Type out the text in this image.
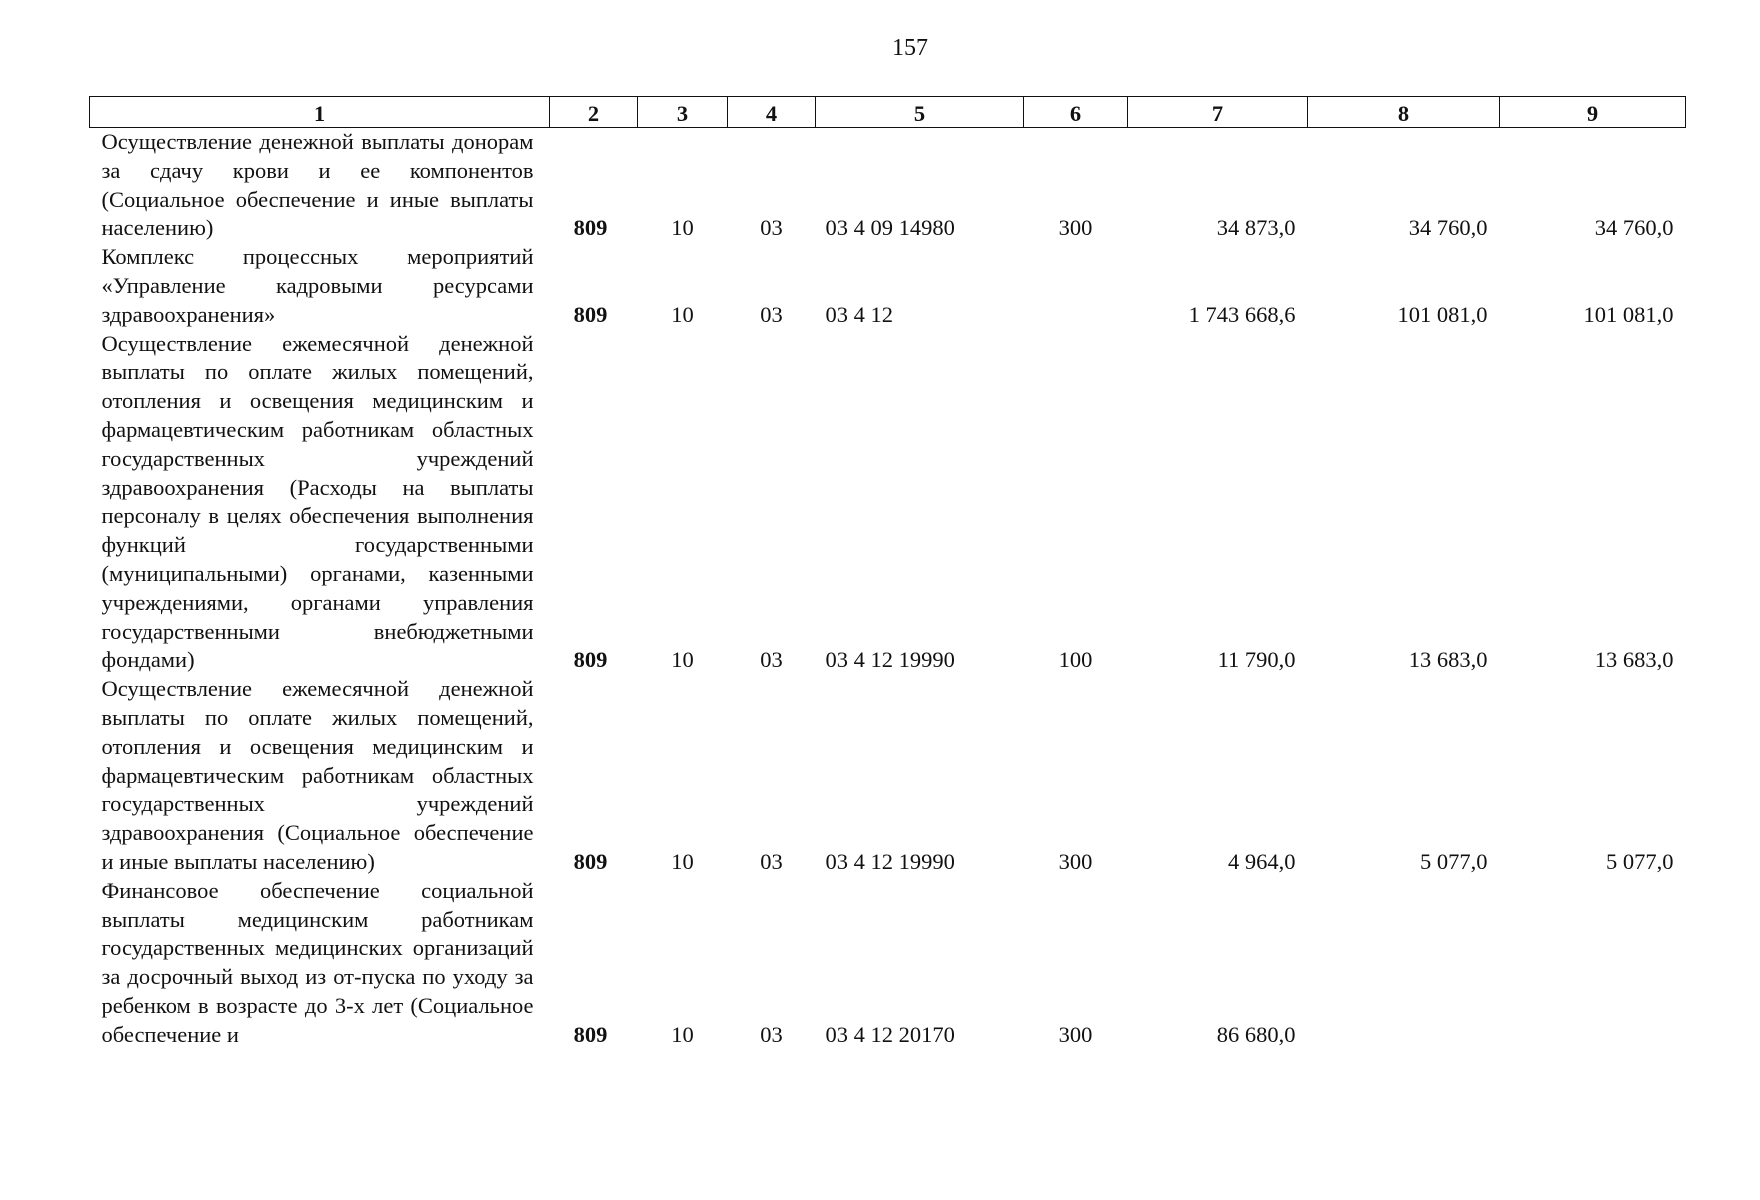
157
1	2	3	4	5	6	7	8	9
Осуществление денежной выплаты донорам за сдачу крови и ее компонентов (Социальное обеспечение и иные выплаты населению)	809	10	03	03 4 09 14980	300	34 873,0	34 760,0	34 760,0
Комплекс процессных мероприятий «Управление кадровыми ресурсами здравоохранения»	809	10	03	03 4 12		1 743 668,6	101 081,0	101 081,0
Осуществление ежемесячной денежной выплаты по оплате жилых помещений, отопления и освещения медицинским и фармацевтическим работникам областных государственных учреждений здравоохранения (Расходы на выплаты персоналу в целях обеспечения выполнения функций государственными (муниципальными) органами, казенными учреждениями, органами управления государственными внебюджетными фондами)	809	10	03	03 4 12 19990	100	11 790,0	13 683,0	13 683,0
Осуществление ежемесячной денежной выплаты по оплате жилых помещений, отопления и освещения медицинским и фармацевтическим работникам областных государственных учреждений здравоохранения (Социальное обеспечение и иные выплаты населению)	809	10	03	03 4 12 19990	300	4 964,0	5 077,0	5 077,0
Финансовое обеспечение социальной выплаты медицинским работникам государственных медицинских организаций за досрочный выход из от-пуска по уходу за ребенком в возрасте до 3-х лет (Социальное обеспечение и	809	10	03	03 4 12 20170	300	86 680,0		
